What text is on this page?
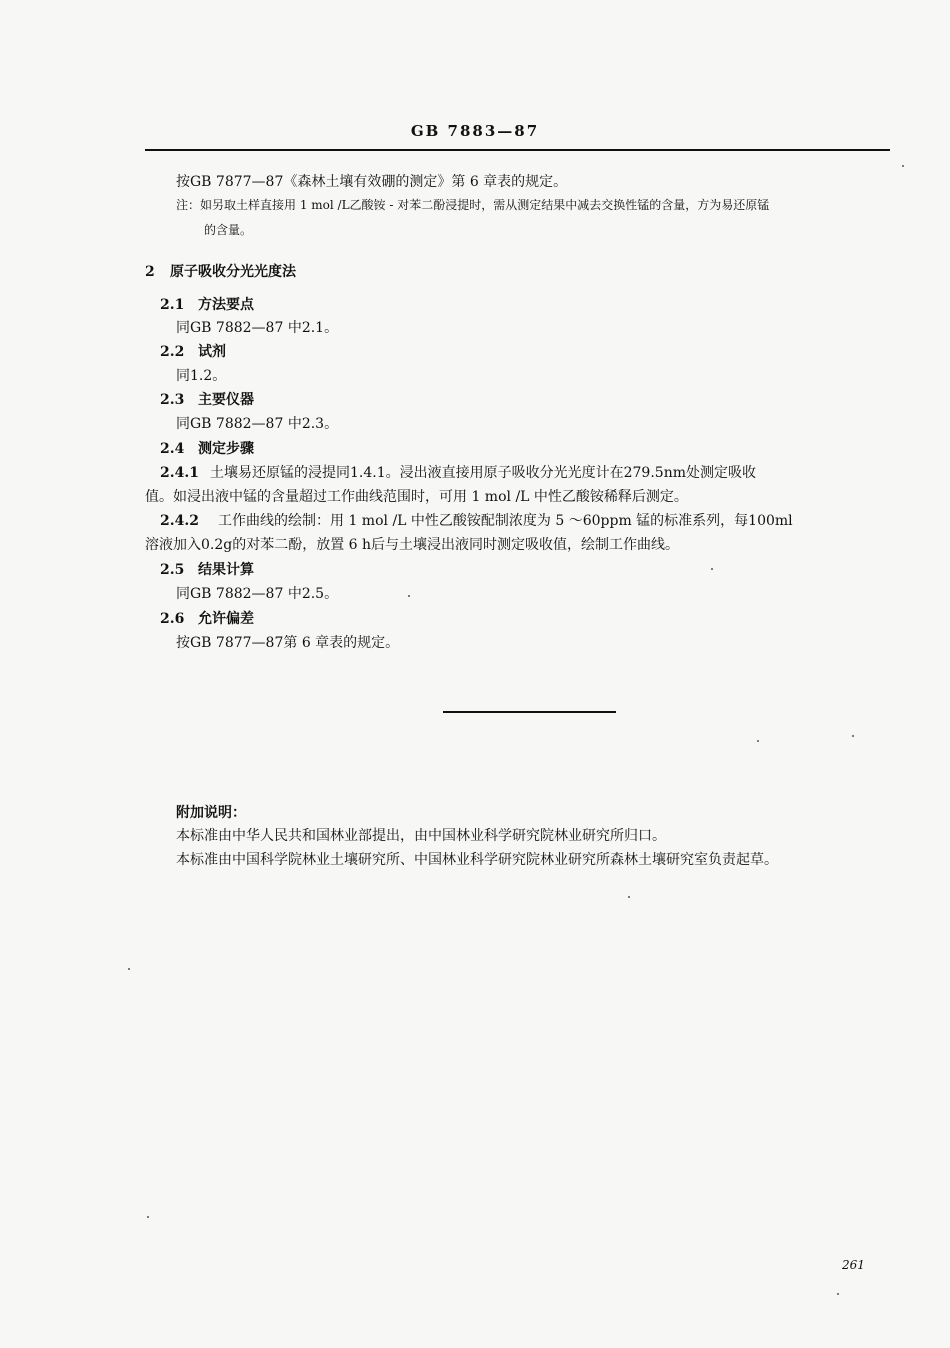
GB 7883—87
按GB 7877—87《森林土壤有效硼的测定》第 6 章表的规定。
注：如另取土样直接用 1 mol /L乙酸铵 - 对苯二酚浸提时，需从测定结果中减去交换性锰的含量，方为易还原锰
的含量。
2 原子吸收分光光度法
2.1 方法要点
同GB 7882—87 中2.1。
2.2 试剂
同1.2。
2.3 主要仪器
同GB 7882—87 中2.3。
2.4 测定步骤
2.4.1 土壤易还原锰的浸提同1.4.1。浸出液直接用原子吸收分光光度计在279.5nm处测定吸收
值。如浸出液中锰的含量超过工作曲线范围时，可用 1 mol /L 中性乙酸铵稀释后测定。
2.4.2 工作曲线的绘制：用 1 mol /L 中性乙酸铵配制浓度为 5 ～60ppm 锰的标准系列，每100ml
溶液加入0.2g的对苯二酚，放置 6 h后与土壤浸出液同时测定吸收值，绘制工作曲线。
2.5 结果计算
同GB 7882—87 中2.5。
2.6 允许偏差
按GB 7877—87第 6 章表的规定。
附加说明：
本标准由中华人民共和国林业部提出，由中国林业科学研究院林业研究所归口。
本标准由中国科学院林业土壤研究所、中国林业科学研究院林业研究所森林土壤研究室负责起草。
261
